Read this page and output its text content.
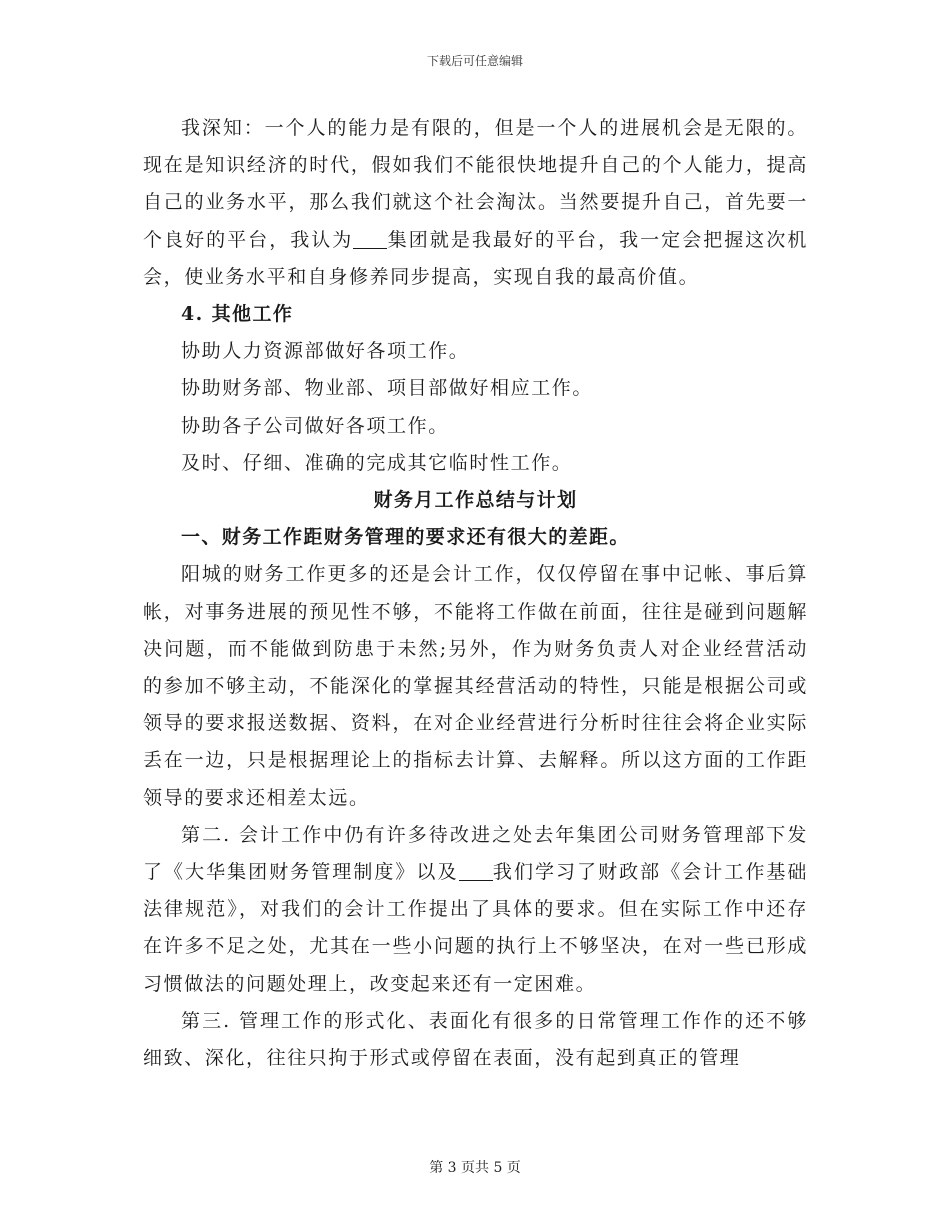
下载后可任意编辑

我深知：一个人的能力是有限的，但是一个人的进展机会是无限的。现在是知识经济的时代，假如我们不能很快地提升自己的个人能力，提高自己的业务水平，那么我们就这个社会淘汰。当然要提升自己，首先要一个良好的平台，我认为 集团就是我最好的平台，我一定会把握这次机会，使业务水平和自身修养同步提高，实现自我的最高价值。

4. 其他工作

协助人力资源部做好各项工作。

协助财务部、物业部、项目部做好相应工作。

协助各子公司做好各项工作。

及时、仔细、准确的完成其它临时性工作。

财务月工作总结与计划

一、财务工作距财务管理的要求还有很大的差距。

阳城的财务工作更多的还是会计工作，仅仅停留在事中记帐、事后算帐，对事务进展的预见性不够，不能将工作做在前面，往往是碰到问题解决问题，而不能做到防患于未然;另外，作为财务负责人对企业经营活动的参加不够主动，不能深化的掌握其经营活动的特性，只能是根据公司或领导的要求报送数据、资料，在对企业经营进行分析时往往会将企业实际丢在一边，只是根据理论上的指标去计算、去解释。所以这方面的工作距领导的要求还相差太远。

第二. 会计工作中仍有许多待改进之处去年集团公司财务管理部下发了《大华集团财务管理制度》以及 我们学习了财政部《会计工作基础法律规范》，对我们的会计工作提出了具体的要求。但在实际工作中还存在许多不足之处，尤其在一些小问题的执行上不够坚决，在对一些已形成习惯做法的问题处理上，改变起来还有一定困难。

第三. 管理工作的形式化、表面化有很多的日常管理工作作的还不够细致、深化，往往只拘于形式或停留在表面，没有起到真正的管理

第 3 页共 5 页
